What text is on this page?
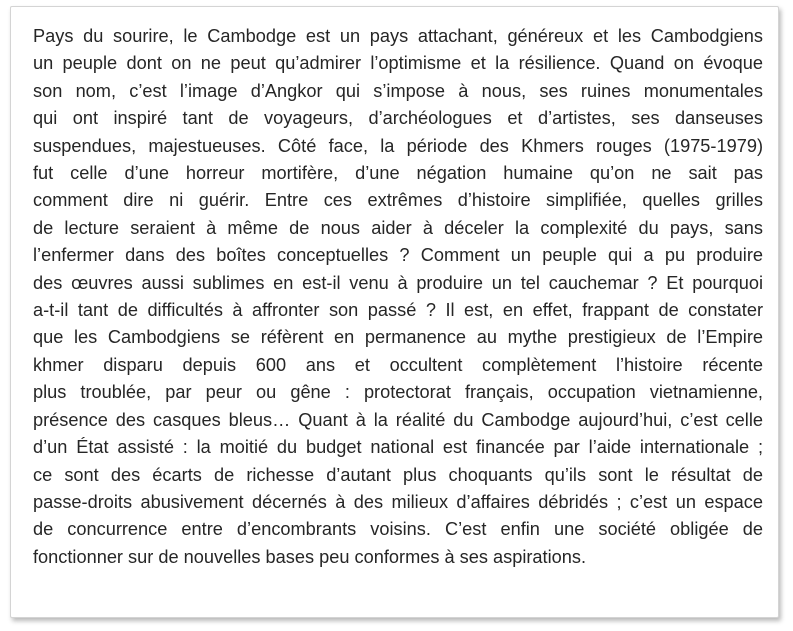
Pays du sourire, le Cambodge est un pays attachant, généreux et les Cambodgiens
un peuple dont on ne peut qu’admirer l’optimisme et la résilience. Quand on évoque
son nom, c’est l’image d’Angkor qui s’impose à nous, ses ruines monumentales
qui ont inspiré tant de voyageurs, d’archéologues et d’artistes, ses danseuses
suspendues, majestueuses. Côté face, la période des Khmers rouges (1975-1979)
fut celle d’une horreur mortifère, d’une négation humaine qu’on ne sait pas
comment dire ni guérir. Entre ces extrêmes d’histoire simplifiée, quelles grilles
de lecture seraient à même de nous aider à déceler la complexité du pays, sans
l’enfermer dans des boîtes conceptuelles ? Comment un peuple qui a pu produire
des œuvres aussi sublimes en est-il venu à produire un tel cauchemar ? Et pourquoi
a-t-il tant de difficultés à affronter son passé ? Il est, en effet, frappant de constater
que les Cambodgiens se réfèrent en permanence au mythe prestigieux de l’Empire
khmer disparu depuis 600 ans et occultent complètement l’histoire récente
plus troublée, par peur ou gêne : protectorat français, occupation vietnamienne,
présence des casques bleus… Quant à la réalité du Cambodge aujourd’hui, c’est celle
d’un État assisté : la moitié du budget national est financée par l’aide internationale ;
ce sont des écarts de richesse d’autant plus choquants qu’ils sont le résultat de
passe-droits abusivement décernés à des milieux d’affaires débridés ; c’est un espace
de concurrence entre d’encombrants voisins. C’est enfin une société obligée de
fonctionner sur de nouvelles bases peu conformes à ses aspirations.
